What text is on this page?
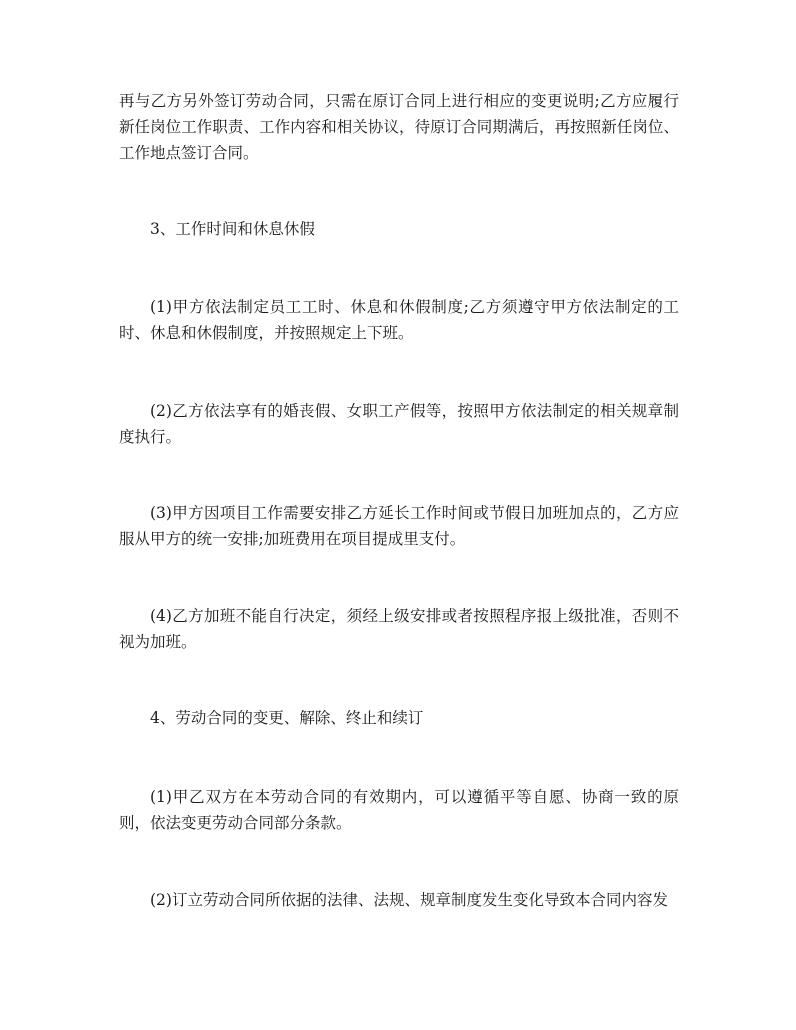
再与乙方另外签订劳动合同，只需在原订合同上进行相应的变更说明;乙方应履行新任岗位工作职责、工作内容和相关协议，待原订合同期满后，再按照新任岗位、工作地点签订合同。

3、工作时间和休息休假

(1)甲方依法制定员工工时、休息和休假制度;乙方须遵守甲方依法制定的工时、休息和休假制度，并按照规定上下班。

(2)乙方依法享有的婚丧假、女职工产假等，按照甲方依法制定的相关规章制度执行。

(3)甲方因项目工作需要安排乙方延长工作时间或节假日加班加点的，乙方应服从甲方的统一安排;加班费用在项目提成里支付。

(4)乙方加班不能自行决定，须经上级安排或者按照程序报上级批准，否则不视为加班。

4、劳动合同的变更、解除、终止和续订

(1)甲乙双方在本劳动合同的有效期内，可以遵循平等自愿、协商一致的原则，依法变更劳动合同部分条款。

(2)订立劳动合同所依据的法律、法规、规章制度发生变化导致本合同内容发
